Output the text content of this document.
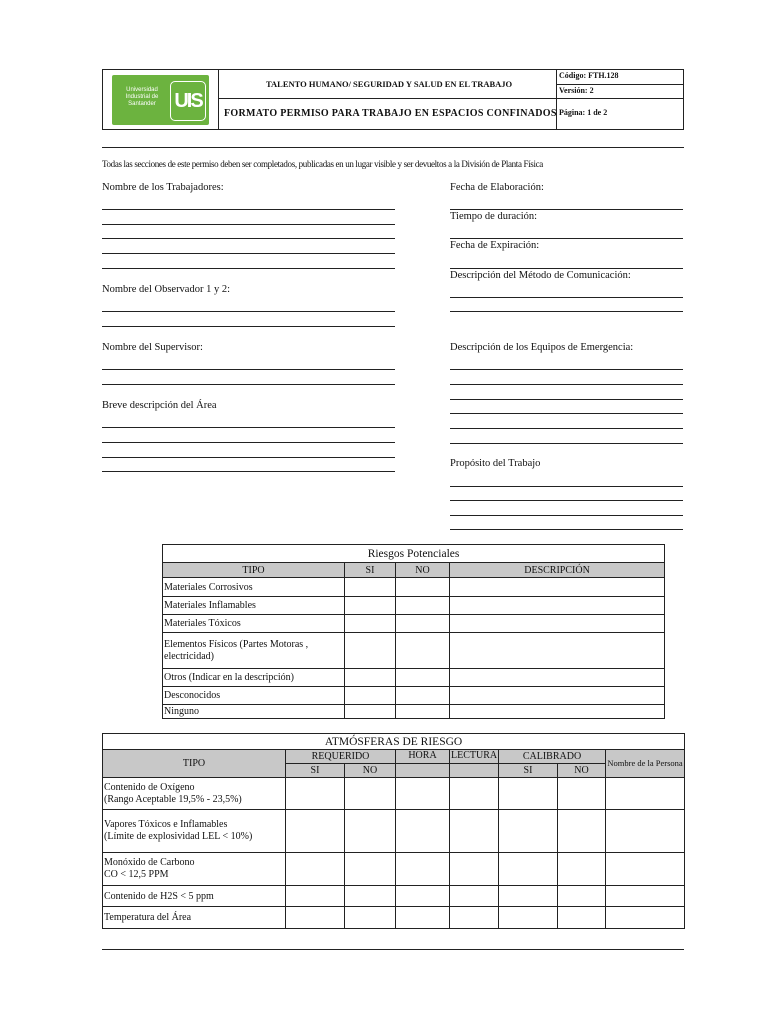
Universidad Industrial de Santander UIS
TALENTO HUMANO/ SEGURIDAD Y SALUD EN EL TRABAJO
FORMATO PERMISO PARA TRABAJO EN ESPACIOS CONFINADOS
Código: FTH.128
Versión: 2
Página: 1 de 2
Todas las secciones de este permiso deben ser completados, publicadas en un lugar visible y ser devueltos a la División de Planta Física
Nombre de los Trabajadores:
Nombre del Observador 1 y 2:
Nombre del Supervisor:
Breve descripción del Área
Fecha de Elaboración:
Tiempo de duración:
Fecha de Expiración:
Descripción del Método de Comunicación:
Descripción de los Equipos de Emergencia:
Propósito del Trabajo
Riesgos Potenciales			
TIPO	SI	NO	DESCRIPCIÓN
Materiales Corrosivos			
Materiales Inflamables			
Materiales Tóxicos			
Elementos Físicos (Partes Motoras , electricidad)			
Otros (Indicar en la descripción)			
Desconocidos			
Ninguno			
ATMÓSFERAS DE RIESGO							
TIPO	REQUERIDO		HORA	LECTURA	CALIBRADO		Nombre de la Persona
	SI	NO			SI	NO	

Contenido de Oxígeno
(Rango Aceptable 19,5% - 23,5%)							

Vapores Tóxicos e Inflamables
(Límite de explosividad LEL < 10%)							

Monóxido de Carbono
CO < 12,5 PPM							

Contenido de H2S < 5 ppm							
Temperatura del Área							
